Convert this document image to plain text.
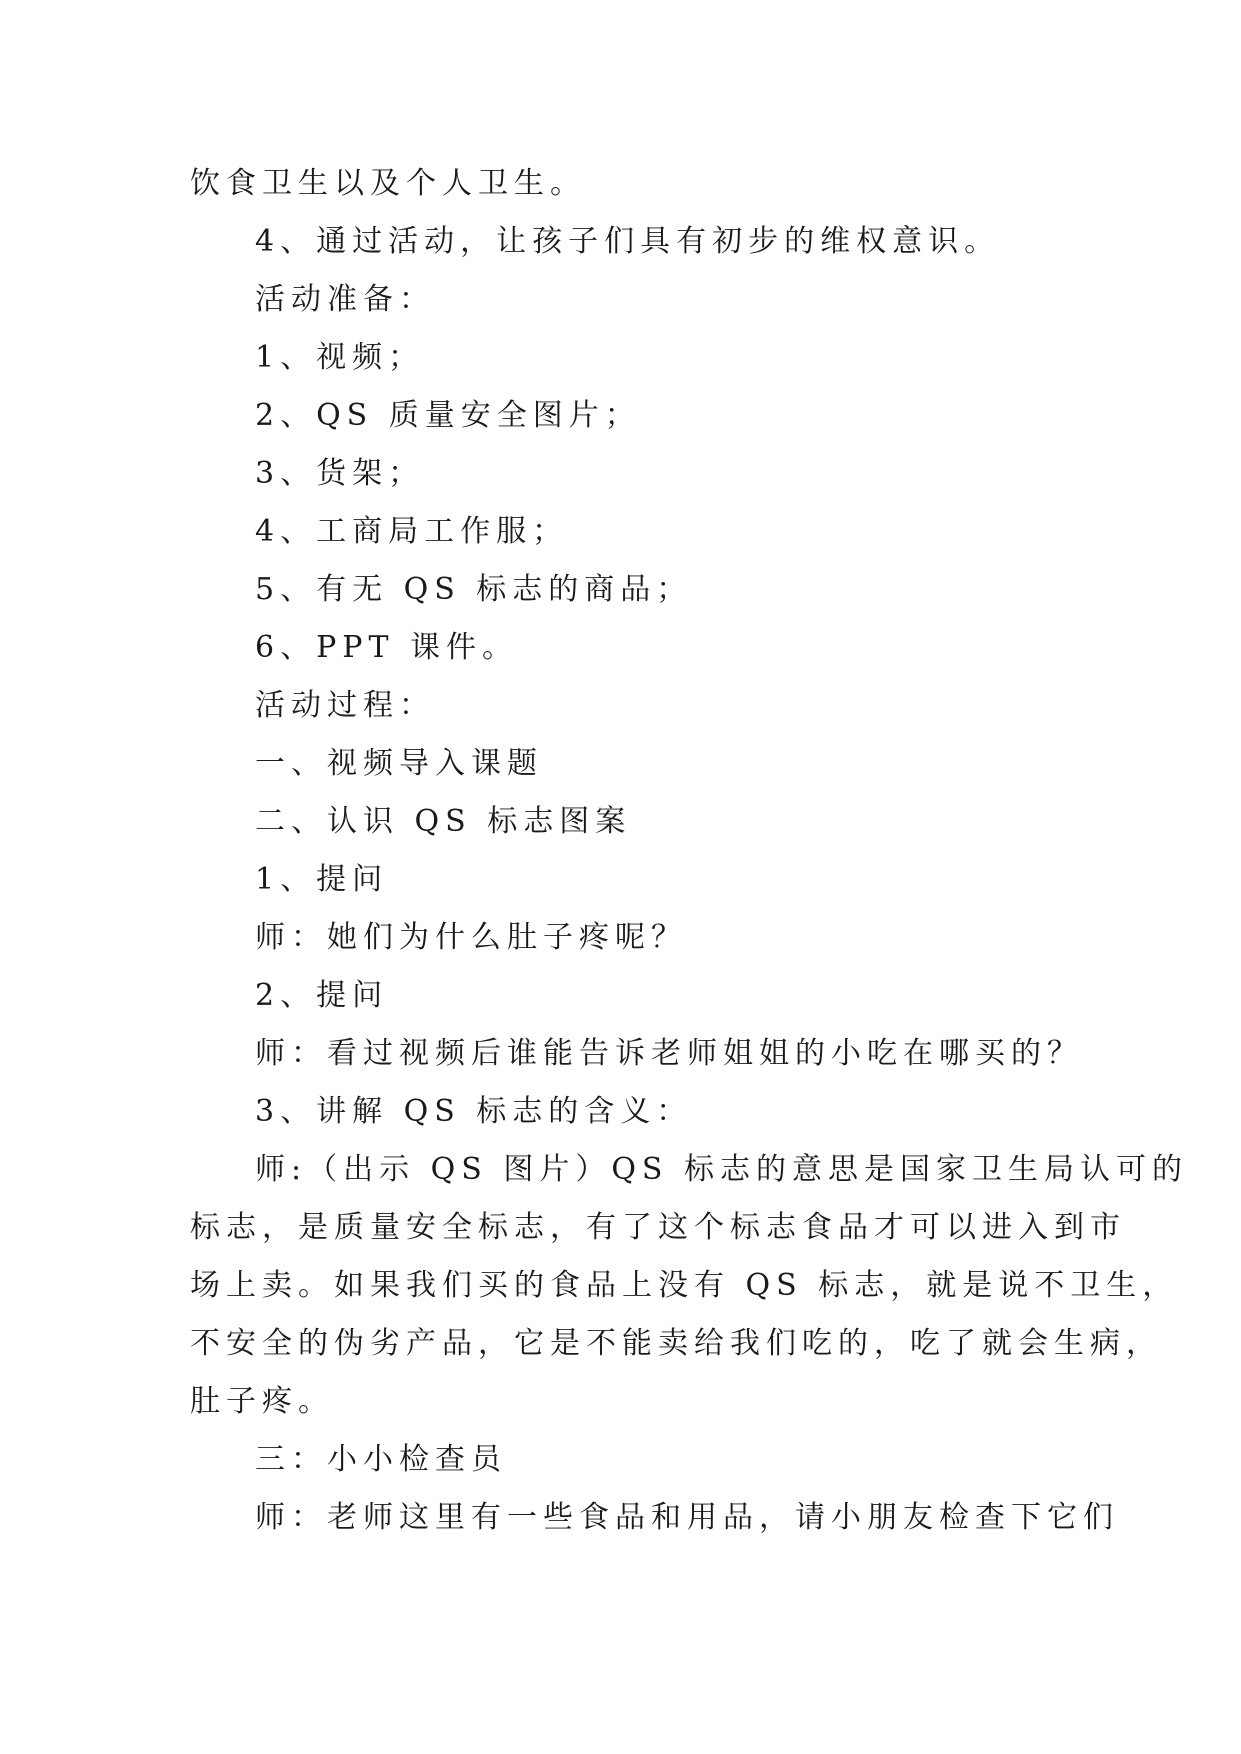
饮食卫生以及个人卫生。
4、通过活动，让孩子们具有初步的维权意识。
活动准备：
1、视频；
2、QS 质量安全图片；
3、货架；
4、工商局工作服；
5、有无 QS 标志的商品；
6、PPT 课件。
活动过程：
一、视频导入课题
二、认识 QS 标志图案
1、提问
师：她们为什么肚子疼呢？
2、提问
师：看过视频后谁能告诉老师姐姐的小吃在哪买的？
3、讲解 QS 标志的含义：
师:（出示 QS 图片）QS 标志的意思是国家卫生局认可的
标志，是质量安全标志，有了这个标志食品才可以进入到市
场上卖。如果我们买的食品上没有 QS 标志，就是说不卫生，
不安全的伪劣产品，它是不能卖给我们吃的，吃了就会生病，
肚子疼。
三：小小检查员
师：老师这里有一些食品和用品，请小朋友检查下它们
